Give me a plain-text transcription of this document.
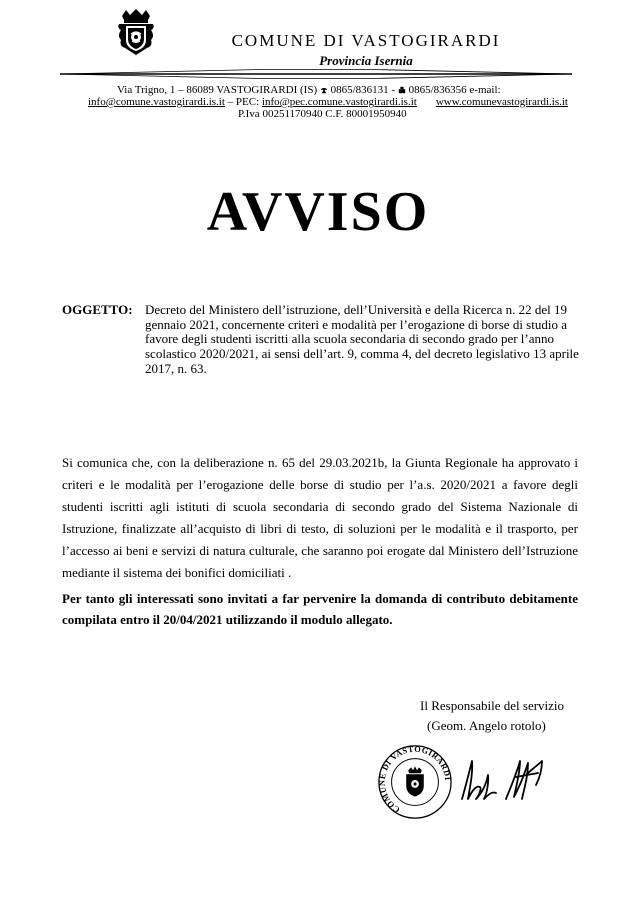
COMUNE DI VASTOGIRARDI
Provincia Isernia
Via Trigno, 1 – 86089 VASTOGIRARDI (IS) 0865/836131 - 0865/836356 e-mail:
info@comune.vastogirardi.is.it – PEC: info@pec.comune.vastogirardi.is.it www.comunevastogirardi.is.it
P.Iva 00251170940 C.F. 80001950940
AVVISO
OGGETTO: Decreto del Ministero dell’istruzione, dell’Università e della Ricerca n. 22 del 19 gennaio 2021, concernente criteri e modalità per l’erogazione di borse di studio a favore degli studenti iscritti alla scuola secondaria di secondo grado per l’anno scolastico 2020/2021, ai sensi dell’art. 9, comma 4, del decreto legislativo 13 aprile 2017, n. 63.
Si comunica che, con la deliberazione n. 65 del 29.03.2021b, la Giunta Regionale ha approvato i criteri e le modalità per l’erogazione delle borse di studio per l’a.s. 2020/2021 a favore degli studenti iscritti agli istituti di scuola secondaria di secondo grado del Sistema Nazionale di Istruzione, finalizzate all’acquisto di libri di testo, di soluzioni per le modalità e il trasporto, per l’accesso ai beni e servizi di natura culturale, che saranno poi erogate dal Ministero dell’Istruzione mediante il sistema dei bonifici domiciliati .
Per tanto gli interessati sono invitati a far pervenire la domanda di contributo debitamente compilata entro il 20/04/2021 utilizzando il modulo allegato.
Il Responsabile del servizio
(Geom. Angelo rotolo)
COMUNE DI VASTOGIRARDI
